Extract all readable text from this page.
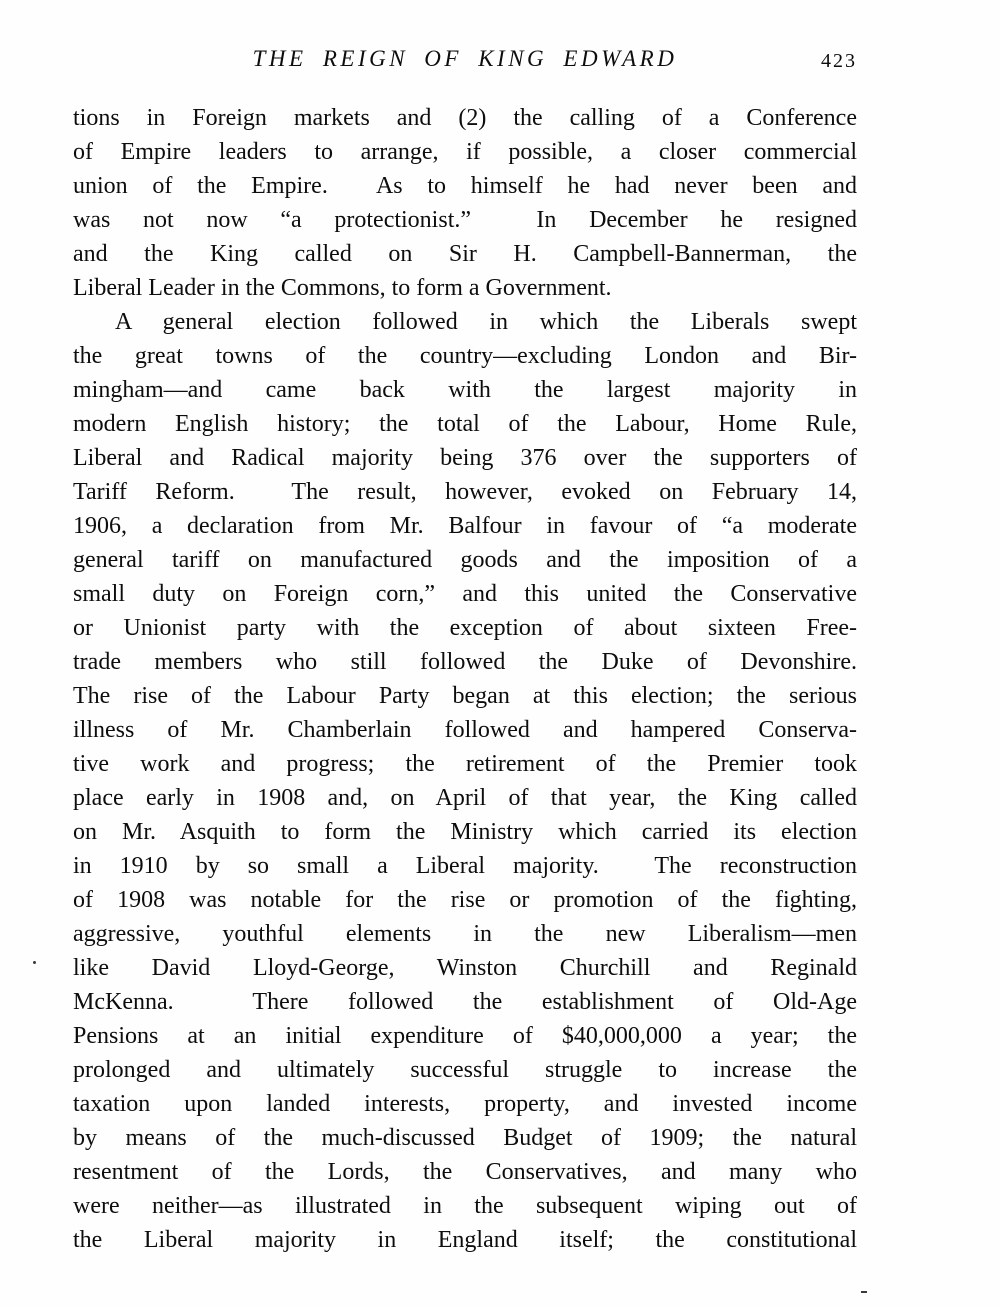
THE REIGN OF KING EDWARD	423
tions in Foreign markets and (2) the calling of a Conference
of Empire leaders to arrange, if possible, a closer commercial
union of the Empire.  As to himself he had never been and
was not now “a protectionist.”  In December he resigned
and the King called on Sir H. Campbell-Bannerman, the
Liberal Leader in the Commons, to form a Government.
A general election followed in which the Liberals swept
the great towns of the country—excluding London and Bir-
mingham—and came back with the largest majority in
modern English history; the total of the Labour, Home Rule,
Liberal and Radical majority being 376 over the supporters of
Tariff Reform.  The result, however, evoked on February 14,
1906, a declaration from Mr. Balfour in favour of “a moderate
general tariff on manufactured goods and the imposition of a
small duty on Foreign corn,” and this united the Conservative
or Unionist party with the exception of about sixteen Free-
trade members who still followed the Duke of Devonshire.
The rise of the Labour Party began at this election; the serious
illness of Mr. Chamberlain followed and hampered Conserva-
tive work and progress; the retirement of the Premier took
place early in 1908 and, on April of that year, the King called
on Mr. Asquith to form the Ministry which carried its election
in 1910 by so small a Liberal majority.  The reconstruction
of 1908 was notable for the rise or promotion of the fighting,
aggressive, youthful elements in the new Liberalism—men
like David Lloyd-George, Winston Churchill and Reginald
McKenna.  There followed the establishment of Old-Age
Pensions at an initial expenditure of $40,000,000 a year; the
prolonged and ultimately successful struggle to increase the
taxation upon landed interests, property, and invested income
by means of the much-discussed Budget of 1909; the natural
resentment of the Lords, the Conservatives, and many who
were neither—as illustrated in the subsequent wiping out of
the Liberal majority in England itself; the constitutional
